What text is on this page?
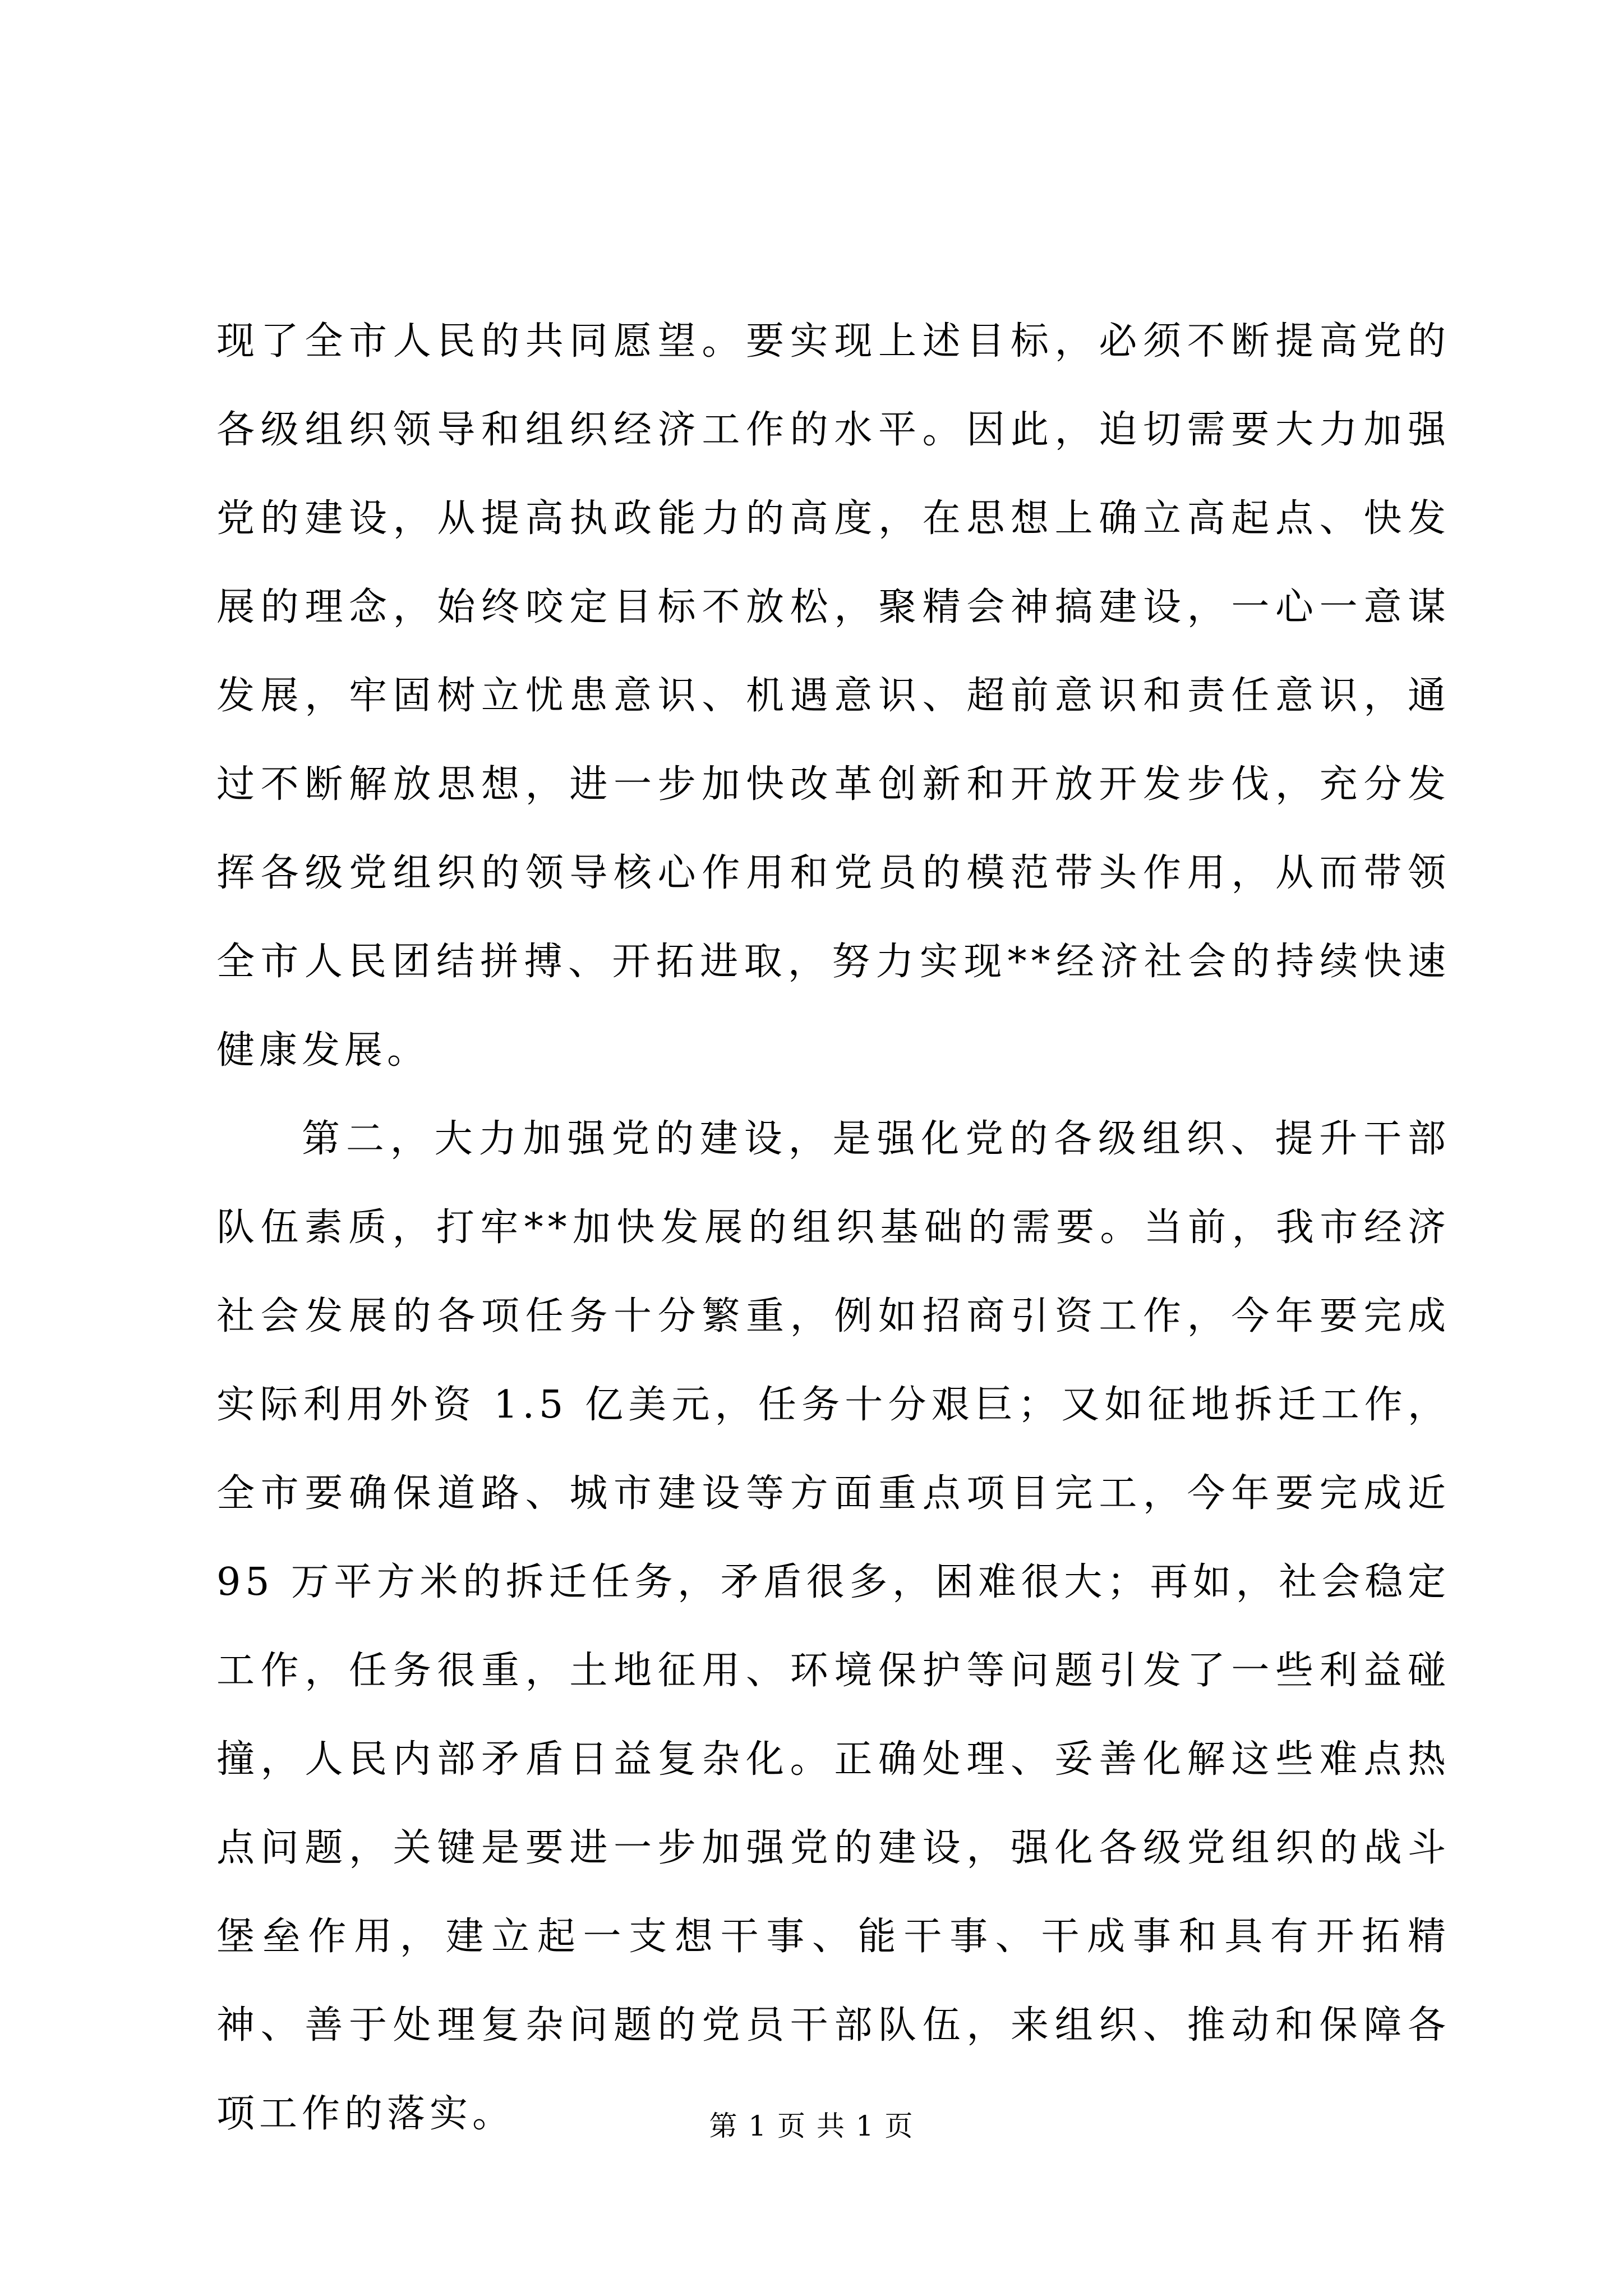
现了全市人民的共同愿望。要实现上述目标，必须不断提高党的各级组织领导和组织经济工作的水平。因此，迫切需要大力加强党的建设，从提高执政能力的高度，在思想上确立高起点、快发展的理念，始终咬定目标不放松，聚精会神搞建设，一心一意谋发展，牢固树立忧患意识、机遇意识、超前意识和责任意识，通过不断解放思想，进一步加快改革创新和开放开发步伐，充分发挥各级党组织的领导核心作用和党员的模范带头作用，从而带领全市人民团结拼搏、开拓进取，努力实现**经济社会的持续快速健康发展。

第二，大力加强党的建设，是强化党的各级组织、提升干部队伍素质，打牢**加快发展的组织基础的需要。当前，我市经济社会发展的各项任务十分繁重，例如招商引资工作，今年要完成实际利用外资 1.5 亿美元，任务十分艰巨；又如征地拆迁工作，全市要确保道路、城市建设等方面重点项目完工，今年要完成近 95 万平方米的拆迁任务，矛盾很多，困难很大；再如，社会稳定工作，任务很重，土地征用、环境保护等问题引发了一些利益碰撞，人民内部矛盾日益复杂化。正确处理、妥善化解这些难点热点问题，关键是要进一步加强党的建设，强化各级党组织的战斗堡垒作用，建立起一支想干事、能干事、干成事和具有开拓精神、善于处理复杂问题的党员干部队伍，来组织、推动和保障各项工作的落实。	第 1 页 共 1 页
